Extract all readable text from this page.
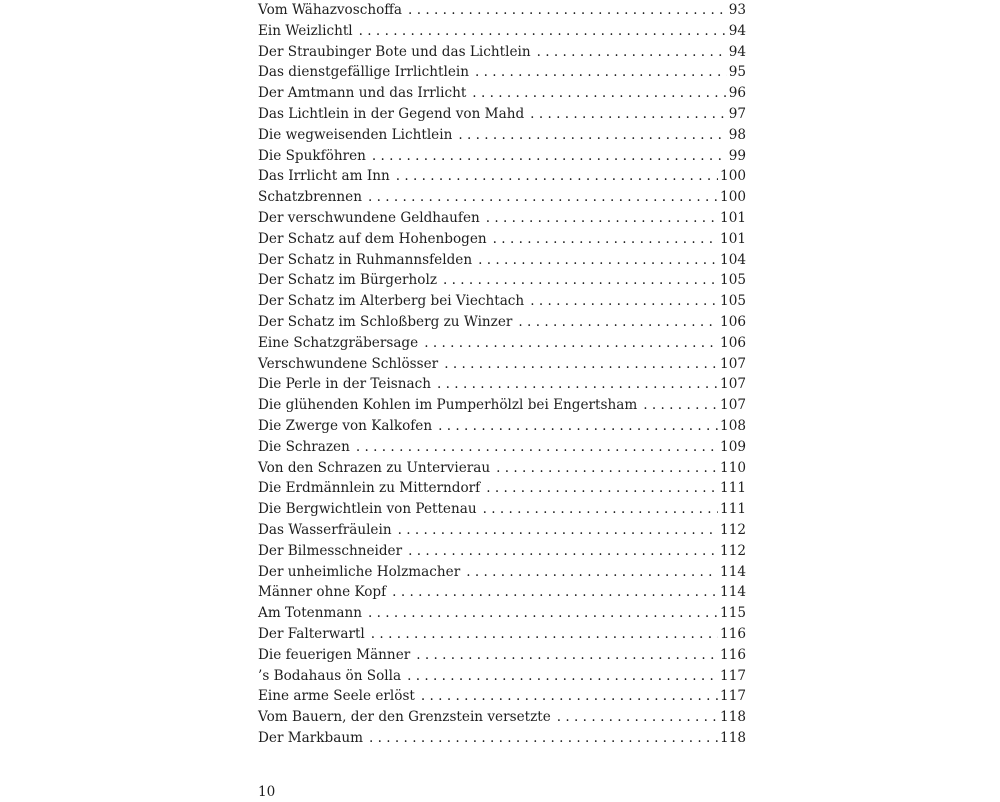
Vom Wähazvoschoffa . . .	93
Ein Weizlichtl . . .	94
Der Straubinger Bote und das Lichtlein . . .	94
Das dienstgefällige Irrlichtlein . . .	95
Der Amtmann und das Irrlicht . . .	96
Das Lichtlein in der Gegend von Mahd . . .	97
Die wegweisenden Lichtlein . . .	98
Die Spukföhren . . .	99
Das Irrlicht am Inn . . .	100
Schatzbrennen . . .	100
Der verschwundene Geldhaufen . . .	101
Der Schatz auf dem Hohenbogen . . .	101
Der Schatz in Ruhmannsfelden . . .	104
Der Schatz im Bürgerholz . . .	105
Der Schatz im Alterberg bei Viechtach . . .	105
Der Schatz im Schloßberg zu Winzer . . .	106
Eine Schatzgräbersage . . .	106
Verschwundene Schlösser . . .	107
Die Perle in der Teisnach . . .	107
Die glühenden Kohlen im Pumperhölzl bei Engertsham . . .	107
Die Zwerge von Kalkofen . . .	108
Die Schrazen . . .	109
Von den Schrazen zu Untervierau . . .	110
Die Erdmännlein zu Mitterndorf . . .	111
Die Bergwichtlein von Pettenau . . .	111
Das Wasserfräulein . . .	112
Der Bilmesschneider . . .	112
Der unheimliche Holzmacher . . .	114
Männer ohne Kopf . . .	114
Am Totenmann . . .	115
Der Falterwartl . . .	116
Die feuerigen Männer . . .	116
’s Bodahaus ön Solla . . .	117
Eine arme Seele erlöst . . .	117
Vom Bauern, der den Grenzstein versetzte . . .	118
Der Markbaum . . .	118
10
